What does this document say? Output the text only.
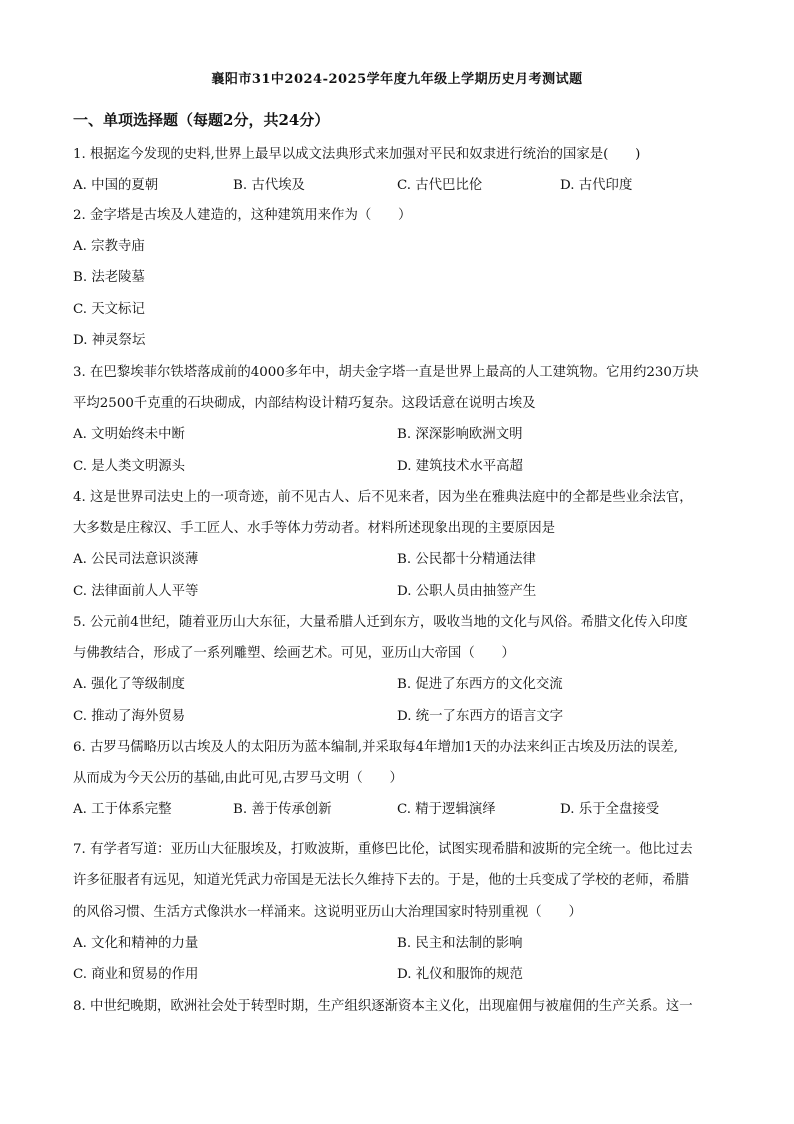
襄阳市31中2024-2025学年度九年级上学期历史月考测试题
一、单项选择题（每题2分，共24分）
1. 根据迄今发现的史料,世界上最早以成文法典形式来加强对平民和奴隶进行统治的国家是(　　)
A. 中国的夏朝	B. 古代埃及	C. 古代巴比伦	D. 古代印度
2. 金字塔是古埃及人建造的，这种建筑用来作为（　　）
A. 宗教寺庙
B. 法老陵墓
C. 天文标记
D. 神灵祭坛
3. 在巴黎埃菲尔铁塔落成前的4000多年中，胡夫金字塔一直是世界上最高的人工建筑物。它用约230万块
平均2500千克重的石块砌成，内部结构设计精巧复杂。这段话意在说明古埃及
A. 文明始终未中断	B. 深深影响欧洲文明
C. 是人类文明源头	D. 建筑技术水平高超
4. 这是世界司法史上的一项奇迹，前不见古人、后不见来者，因为坐在雅典法庭中的全都是些业余法官，
大多数是庄稼汉、手工匠人、水手等体力劳动者。材料所述现象出现的主要原因是
A. 公民司法意识淡薄	B. 公民都十分精通法律
C. 法律面前人人平等	D. 公职人员由抽签产生
5. 公元前4世纪，随着亚历山大东征，大量希腊人迁到东方，吸收当地的文化与风俗。希腊文化传入印度
与佛教结合，形成了一系列雕塑、绘画艺术。可见，亚历山大帝国（　　）
A. 强化了等级制度	B. 促进了东西方的文化交流
C. 推动了海外贸易	D. 统一了东西方的语言文字
6. 古罗马儒略历以古埃及人的太阳历为蓝本编制,并采取每4年增加1天的办法来纠正古埃及历法的误差,
从而成为今天公历的基础,由此可见,古罗马文明（　　）
A. 工于体系完整	B. 善于传承创新	C. 精于逻辑演绎	D. 乐于全盘接受
7. 有学者写道：亚历山大征服埃及，打败波斯，重修巴比伦，试图实现希腊和波斯的完全统一。他比过去
许多征服者有远见，知道光凭武力帝国是无法长久维持下去的。于是，他的士兵变成了学校的老师，希腊
的风俗习惯、生活方式像洪水一样涌来。这说明亚历山大治理国家时特别重视（　　）
A. 文化和精神的力量	B. 民主和法制的影响
C. 商业和贸易的作用	D. 礼仪和服饰的规范
8. 中世纪晚期，欧洲社会处于转型时期，生产组织逐渐资本主义化，出现雇佣与被雇佣的生产关系。这一
